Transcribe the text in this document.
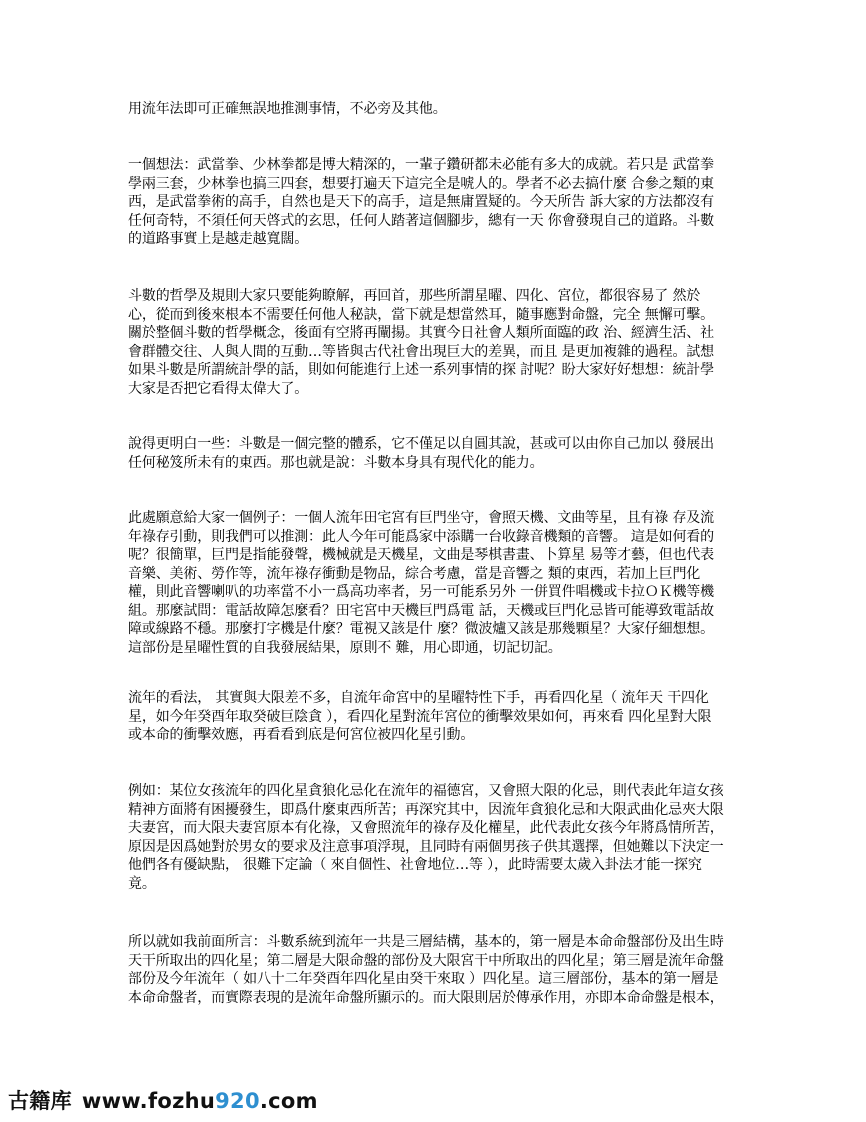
用流年法即可正確無誤地推測事情，不必旁及其他。
一個想法：武當拳、少林拳都是博大精深的，一輩子鑽研都未必能有多大的成就。若只是 武當拳
學兩三套，少林拳也搞三四套，想要打遍天下這完全是唬人的。學者不必去搞什麼 合參之類的東
西，是武當拳術的高手，自然也是天下的高手，這是無庸置疑的。今天所告 訴大家的方法都沒有
任何奇特，不須任何天啓式的玄思，任何人踏著這個腳步，總有一天 你會發現自己的道路。斗數
的道路事實上是越走越寬闊。
斗數的哲學及規則大家只要能夠瞭解，再回首，那些所謂星曜、四化、宮位，都很容易了 然於
心，從而到後來根本不需要任何他人秘訣，當下就是想當然耳，隨事應對命盤，完全 無懈可擊。
關於整個斗數的哲學概念，後面有空將再闡揚。其實今日社會人類所面臨的政 治、經濟生活、社
會群體交往、人與人間的互動…等皆與古代社會出現巨大的差異，而且 是更加複雜的過程。試想
如果斗數是所謂統計學的話，則如何能進行上述一系列事情的探 討呢？盼大家好好想想：統計學
大家是否把它看得太偉大了。
說得更明白一些：斗數是一個完整的體系，它不僅足以自圓其說，甚或可以由你自己加以 發展出
任何秘笈所未有的東西。那也就是說：斗數本身具有現代化的能力。
此處願意給大家一個例子：一個人流年田宅宮有巨門坐守，會照天機、文曲等星，且有祿 存及流
年祿存引動，則我們可以推測：此人今年可能爲家中添購一台收錄音機類的音響。 這是如何看的
呢？很簡單，巨門是指能發聲，機械就是天機星，文曲是琴棋書畫、卜算星 易等才藝，但也代表
音樂、美術、勞作等，流年祿存衝動是物品，綜合考慮，當是音響之 類的東西，若加上巨門化
權，則此音響喇叭的功率當不小一爲高功率者，另一可能系另外 一併買件唱機或卡拉ＯＫ機等機
組。那麼試問：電話故障怎麼看？田宅宮中天機巨門爲電 話，天機或巨門化忌皆可能導致電話故
障或線路不穩。那麼打字機是什麼？電視又該是什 麼？微波爐又該是那幾顆星？大家仔細想想。
這部份是星曜性質的自我發展結果，原則不 難，用心即通，切記切記。
流年的看法， 其實與大限差不多，自流年命宮中的星曜特性下手，再看四化星（ 流年天 干四化
星，如今年癸酉年取癸破巨陰貪 ），看四化星對流年宮位的衝擊效果如何，再來看 四化星對大限
或本命的衝擊效應，再看看到底是何宮位被四化星引動。
例如：某位女孩流年的四化星貪狼化忌化在流年的福德宮，又會照大限的化忌，則代表此年這女孩
精神方面將有困擾發生，即爲什麼東西所苦；再深究其中，因流年貪狼化忌和大限武曲化忌夾大限
夫妻宮，而大限夫妻宮原本有化祿，又會照流年的祿存及化權星，此代表此女孩今年將爲情所苦，
原因是因爲她對於男女的要求及注意事項浮現，且同時有兩個男孩子供其選擇，但她難以下決定一
他們各有優缺點， 很難下定論（ 來自個性、社會地位…等 ），此時需要太歲入卦法才能一探究
竟。
所以就如我前面所言：斗數系統到流年一共是三層結構，基本的，第一層是本命命盤部份及出生時
天干所取出的四化星；第二層是大限命盤的部份及大限宮干中所取出的四化星；第三層是流年命盤
部份及今年流年（ 如八十二年癸酉年四化星由癸干來取 ）四化星。這三層部份，基本的第一層是
本命命盤者，而實際表現的是流年命盤所顯示的。而大限則居於傳承作用，亦即本命命盤是根本，
古籍库 www.fozhu920.com
